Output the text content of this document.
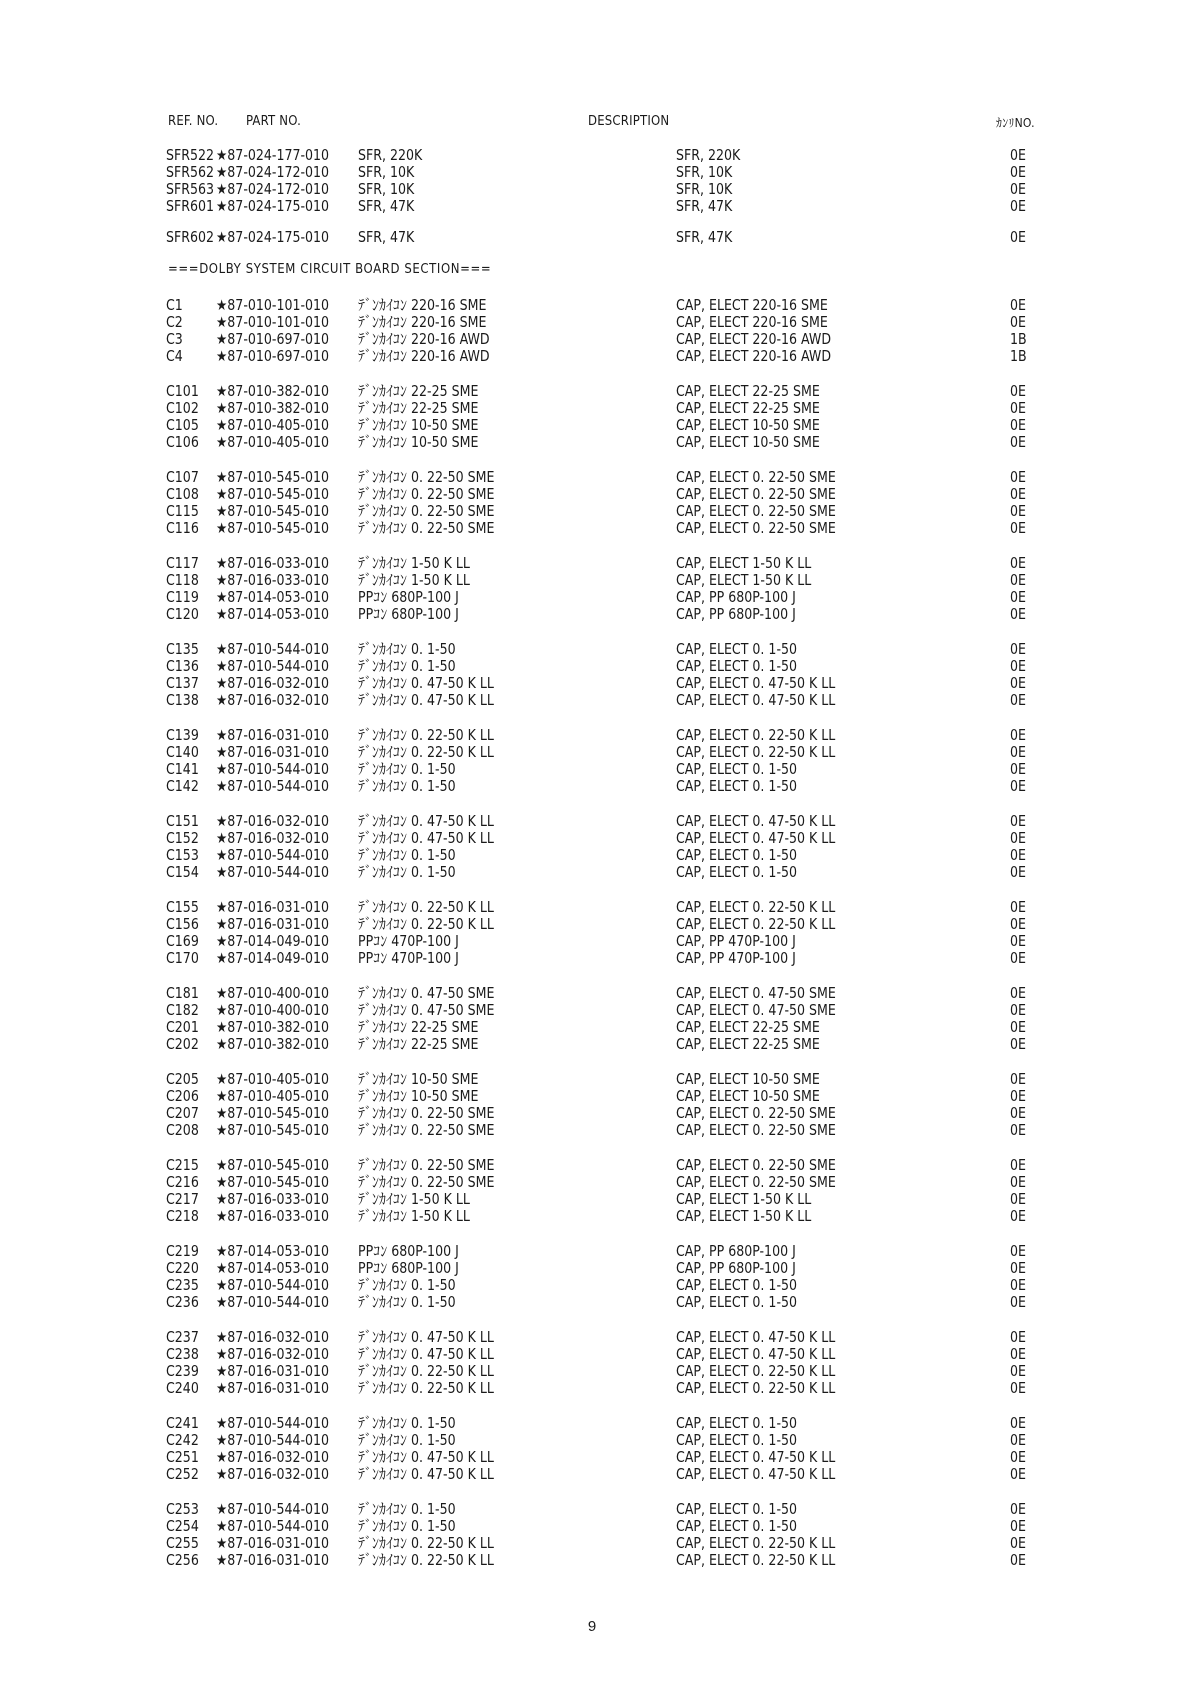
REF. NO. PART NO.	DESCRIPTION	ｶﾝﾘNO.
===DOLBY SYSTEM CIRCUIT BOARD SECTION===
SFR522 ★87-024-177-010 SFR, 220K	SFR, 220K	0E
SFR562 ★87-024-172-010 SFR, 10K	SFR, 10K	0E
SFR563 ★87-024-172-010 SFR, 10K	SFR, 10K	0E
SFR601 ★87-024-175-010 SFR, 47K	SFR, 47K	0E
SFR602 ★87-024-175-010 SFR, 47K	SFR, 47K	0E
C1 ★87-010-101-010 ﾃﾞﾝｶｲｺﾝ 220-16 SME	CAP, ELECT 220-16 SME	0E
C2 ★87-010-101-010 ﾃﾞﾝｶｲｺﾝ 220-16 SME	CAP, ELECT 220-16 SME	0E
C3 ★87-010-697-010 ﾃﾞﾝｶｲｺﾝ 220-16 AWD	CAP, ELECT 220-16 AWD	1B
C4 ★87-010-697-010 ﾃﾞﾝｶｲｺﾝ 220-16 AWD	CAP, ELECT 220-16 AWD	1B
C101 ★87-010-382-010 ﾃﾞﾝｶｲｺﾝ 22-25 SME	CAP, ELECT 22-25 SME	0E
C102 ★87-010-382-010 ﾃﾞﾝｶｲｺﾝ 22-25 SME	CAP, ELECT 22-25 SME	0E
C105 ★87-010-405-010 ﾃﾞﾝｶｲｺﾝ 10-50 SME	CAP, ELECT 10-50 SME	0E
C106 ★87-010-405-010 ﾃﾞﾝｶｲｺﾝ 10-50 SME	CAP, ELECT 10-50 SME	0E
C107 ★87-010-545-010 ﾃﾞﾝｶｲｺﾝ 0. 22-50 SME	CAP, ELECT 0. 22-50 SME	0E
C108 ★87-010-545-010 ﾃﾞﾝｶｲｺﾝ 0. 22-50 SME	CAP, ELECT 0. 22-50 SME	0E
C115 ★87-010-545-010 ﾃﾞﾝｶｲｺﾝ 0. 22-50 SME	CAP, ELECT 0. 22-50 SME	0E
C116 ★87-010-545-010 ﾃﾞﾝｶｲｺﾝ 0. 22-50 SME	CAP, ELECT 0. 22-50 SME	0E
C117 ★87-016-033-010 ﾃﾞﾝｶｲｺﾝ 1-50 K LL	CAP, ELECT 1-50 K LL	0E
C118 ★87-016-033-010 ﾃﾞﾝｶｲｺﾝ 1-50 K LL	CAP, ELECT 1-50 K LL	0E
C119 ★87-014-053-010 PPｺﾝ 680P-100 J	CAP, PP 680P-100 J	0E
C120 ★87-014-053-010 PPｺﾝ 680P-100 J	CAP, PP 680P-100 J	0E
C135 ★87-010-544-010 ﾃﾞﾝｶｲｺﾝ 0. 1-50	CAP, ELECT 0. 1-50	0E
C136 ★87-010-544-010 ﾃﾞﾝｶｲｺﾝ 0. 1-50	CAP, ELECT 0. 1-50	0E
C137 ★87-016-032-010 ﾃﾞﾝｶｲｺﾝ 0. 47-50 K LL	CAP, ELECT 0. 47-50 K LL	0E
C138 ★87-016-032-010 ﾃﾞﾝｶｲｺﾝ 0. 47-50 K LL	CAP, ELECT 0. 47-50 K LL	0E
C139 ★87-016-031-010 ﾃﾞﾝｶｲｺﾝ 0. 22-50 K LL	CAP, ELECT 0. 22-50 K LL	0E
C140 ★87-016-031-010 ﾃﾞﾝｶｲｺﾝ 0. 22-50 K LL	CAP, ELECT 0. 22-50 K LL	0E
C141 ★87-010-544-010 ﾃﾞﾝｶｲｺﾝ 0. 1-50	CAP, ELECT 0. 1-50	0E
C142 ★87-010-544-010 ﾃﾞﾝｶｲｺﾝ 0. 1-50	CAP, ELECT 0. 1-50	0E
C151 ★87-016-032-010 ﾃﾞﾝｶｲｺﾝ 0. 47-50 K LL	CAP, ELECT 0. 47-50 K LL	0E
C152 ★87-016-032-010 ﾃﾞﾝｶｲｺﾝ 0. 47-50 K LL	CAP, ELECT 0. 47-50 K LL	0E
C153 ★87-010-544-010 ﾃﾞﾝｶｲｺﾝ 0. 1-50	CAP, ELECT 0. 1-50	0E
C154 ★87-010-544-010 ﾃﾞﾝｶｲｺﾝ 0. 1-50	CAP, ELECT 0. 1-50	0E
C155 ★87-016-031-010 ﾃﾞﾝｶｲｺﾝ 0. 22-50 K LL	CAP, ELECT 0. 22-50 K LL	0E
C156 ★87-016-031-010 ﾃﾞﾝｶｲｺﾝ 0. 22-50 K LL	CAP, ELECT 0. 22-50 K LL	0E
C169 ★87-014-049-010 PPｺﾝ 470P-100 J	CAP, PP 470P-100 J	0E
C170 ★87-014-049-010 PPｺﾝ 470P-100 J	CAP, PP 470P-100 J	0E
C181 ★87-010-400-010 ﾃﾞﾝｶｲｺﾝ 0. 47-50 SME	CAP, ELECT 0. 47-50 SME	0E
C182 ★87-010-400-010 ﾃﾞﾝｶｲｺﾝ 0. 47-50 SME	CAP, ELECT 0. 47-50 SME	0E
C201 ★87-010-382-010 ﾃﾞﾝｶｲｺﾝ 22-25 SME	CAP, ELECT 22-25 SME	0E
C202 ★87-010-382-010 ﾃﾞﾝｶｲｺﾝ 22-25 SME	CAP, ELECT 22-25 SME	0E
C205 ★87-010-405-010 ﾃﾞﾝｶｲｺﾝ 10-50 SME	CAP, ELECT 10-50 SME	0E
C206 ★87-010-405-010 ﾃﾞﾝｶｲｺﾝ 10-50 SME	CAP, ELECT 10-50 SME	0E
C207 ★87-010-545-010 ﾃﾞﾝｶｲｺﾝ 0. 22-50 SME	CAP, ELECT 0. 22-50 SME	0E
C208 ★87-010-545-010 ﾃﾞﾝｶｲｺﾝ 0. 22-50 SME	CAP, ELECT 0. 22-50 SME	0E
C215 ★87-010-545-010 ﾃﾞﾝｶｲｺﾝ 0. 22-50 SME	CAP, ELECT 0. 22-50 SME	0E
C216 ★87-010-545-010 ﾃﾞﾝｶｲｺﾝ 0. 22-50 SME	CAP, ELECT 0. 22-50 SME	0E
C217 ★87-016-033-010 ﾃﾞﾝｶｲｺﾝ 1-50 K LL	CAP, ELECT 1-50 K LL	0E
C218 ★87-016-033-010 ﾃﾞﾝｶｲｺﾝ 1-50 K LL	CAP, ELECT 1-50 K LL	0E
C219 ★87-014-053-010 PPｺﾝ 680P-100 J	CAP, PP 680P-100 J	0E
C220 ★87-014-053-010 PPｺﾝ 680P-100 J	CAP, PP 680P-100 J	0E
C235 ★87-010-544-010 ﾃﾞﾝｶｲｺﾝ 0. 1-50	CAP, ELECT 0. 1-50	0E
C236 ★87-010-544-010 ﾃﾞﾝｶｲｺﾝ 0. 1-50	CAP, ELECT 0. 1-50	0E
C237 ★87-016-032-010 ﾃﾞﾝｶｲｺﾝ 0. 47-50 K LL	CAP, ELECT 0. 47-50 K LL	0E
C238 ★87-016-032-010 ﾃﾞﾝｶｲｺﾝ 0. 47-50 K LL	CAP, ELECT 0. 47-50 K LL	0E
C239 ★87-016-031-010 ﾃﾞﾝｶｲｺﾝ 0. 22-50 K LL	CAP, ELECT 0. 22-50 K LL	0E
C240 ★87-016-031-010 ﾃﾞﾝｶｲｺﾝ 0. 22-50 K LL	CAP, ELECT 0. 22-50 K LL	0E
C241 ★87-010-544-010 ﾃﾞﾝｶｲｺﾝ 0. 1-50	CAP, ELECT 0. 1-50	0E
C242 ★87-010-544-010 ﾃﾞﾝｶｲｺﾝ 0. 1-50	CAP, ELECT 0. 1-50	0E
C251 ★87-016-032-010 ﾃﾞﾝｶｲｺﾝ 0. 47-50 K LL	CAP, ELECT 0. 47-50 K LL	0E
C252 ★87-016-032-010 ﾃﾞﾝｶｲｺﾝ 0. 47-50 K LL	CAP, ELECT 0. 47-50 K LL	0E
C253 ★87-010-544-010 ﾃﾞﾝｶｲｺﾝ 0. 1-50	CAP, ELECT 0. 1-50	0E
C254 ★87-010-544-010 ﾃﾞﾝｶｲｺﾝ 0. 1-50	CAP, ELECT 0. 1-50	0E
C255 ★87-016-031-010 ﾃﾞﾝｶｲｺﾝ 0. 22-50 K LL	CAP, ELECT 0. 22-50 K LL	0E
C256 ★87-016-031-010 ﾃﾞﾝｶｲｺﾝ 0. 22-50 K LL	CAP, ELECT 0. 22-50 K LL	0E
9
